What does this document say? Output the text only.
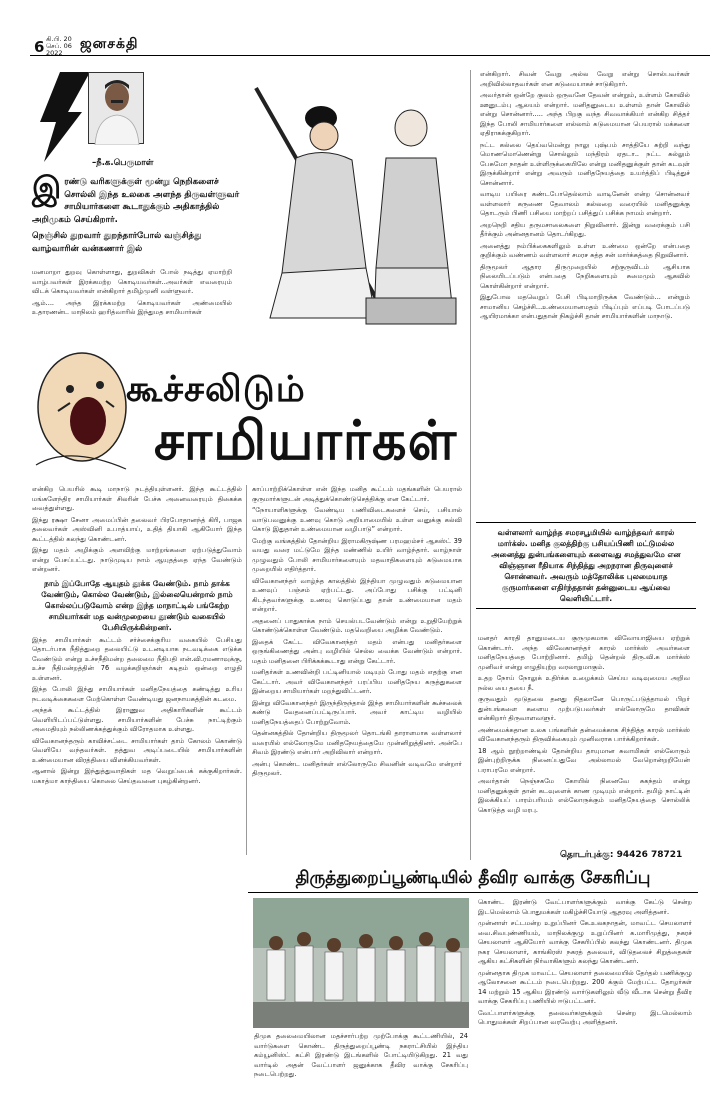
6 கி.பி. 20
செப். 06
2022
ஜனசக்தி
–நீ.க.பெருமாள்
இ ரண்டு வரிகளுக்குள் மூன்று நெறிகளைச் சொல்லி இந்த உலகை அளந்த திருவள்ளுவர் சாமியார்களை கூடாதுக்கும் அதிகாத்தில் அறிமுகம் செய்கிறார்.
நெஞ்சில் துறவார் துறந்தார்போல் வஞ்சித்து வாழ்வாரின் வன்கணார் இல்

மனமாறா துறவு கொள்ளாது, துறவிகள் போல் நடித்து ஏமாற்றி வாழ்பவர்கள் இரக்கமற்ற கொடியவர்கள்..அவர்கள் எவரையும் விடக் கொடியவர்கள் என்கிறார் தமிழ்முனி வள்ளுவர்.

ஆம்.... அந்த இரக்கமற்ற கொடியவர்கள் அண்மையில் உதாரணன்ட மாநிலம் ஹரித்வாரில் இந்துமத சாமியார்கள்

கூச்சலிடும்
சாமியார்கள்

என்கிறார். சிவன் வேறு அல்ல வேறு என்று சொல்பவர்கள் அறிவில்லாதவர்கள் என கடுமையாகச் சாடுகிறார்.

அவர்தான் ஒன்றே குலம் ஒருவனே தேவன் என்றும், உள்ளம் கோவில் ஊனுடம்பு ஆலயம் என்றார். மனிதனுடைய உள்ளம் தான் கோவில் என்று சொன்னார்..... அந்த பிறகு வந்த சிவவாக்கியர் என்கிற சித்தர் இந்த போலி சாமியார்களை எல்லாம் கடுமையான பெயரால் மக்களை ஏதிராகக்குகிறார்.

நட்ட கல்லை தெய்வமென்று நாலு புஷ்பம் சாத்தியே சுற்றி வந்து மொணமொணென்று சொல்லும் மந்திரம் ஏதடா.. நட்ட கல்லும் பேசுமோ நாதன் உள்ளிருக்கையிலே என்று மனிதனுக்குள் தான் கடவுள் இருக்கின்றார் என்று அவரும் மனிதநேயத்தை உயர்த்திப் பிடித்துச் சொன்னார்.

வாடிய பயிரை கண்டபோதெல்லாம் வாடினேன் என்ற சொன்னவர் வள்ளலார் கருணை தேவாலம் கல்லறை வரையில் மனிதனுக்கு தொடரும் பிணி பசியை மாற்றப் பசித்துப் பசிக்க நாமம் என்றார்.

அறநெறி சதிய தருமசாலைகளை நிறுவினார். இன்று வரைக்கும் பசி தீர்க்கும் அன்னதானம் தொடர்கிறது.

அனைத்து நம்பிக்கைகளிலும் உள்ள உண்மை ஒன்றே என்பதை குறிக்கும் வண்ணம் வள்ளலார் சமரச சுத்த சன் மார்க்கத்தை நிறுவினார்.

திருமூலர் ஆதார திருமுறையில் சற்குருவிடம் ஆசியாக நிலையிடப்படும் என்பதை நேறிகளையும் சுமைமும் ஆகவில் கொள்கின்றார் என்றார்.

இதுபோல மதவெறுப் பேசி பிடிமாறிருக்க வேண்டும்... என்றும் சாமானிய செழ்ச்சி...உண்மையானமதம் பிடிப்பும் எப்படி போடப்படு ஆயிரமாக்கா என்பதுதான் நிகழ்ச்சி தான் சாமியார்களின் மாநாடு.

வள்ளலார் வாழ்ந்த சமரசபூமியில் வாழ்ந்தவர் காரல் மார்க்ஸ். மனித குலத்திற்கு பசியப்பிணி மட்டுமல்ல அனைத்து துன்பங்களையும் களைவது சமத்துவமே என விஞ்ஞான ரீதியாக சிந்தித்து அறநரான திருவுளைச் சொன்னவர். அவரும் மத்தோலிக்க புலமையாத குருமார்களை எதிர்ந்ததான் தன்னுடைய ஆய்வை வெளியிட்டார்.

என்கிற பெயரில் கூடி மாநாடு நடத்தியுள்ளனர். இந்த கூட்டத்தில் மங்களேந்திர சாமியார்கள் சிலரின் பேச்சு அனைவரையும் திகைக்க வைத்துள்ளது.

இந்து ரக்ஷா சேனா அமைப்பின் தலைவர் பிரபோதானந்த் கிரி, பாஜக தலைவர்கள் அஸ்வினி உபாத்யாய், உதித் தியாகி ஆகியோர் இந்த கூட்டத்தில் கலந்து கொண்டனர்.

இந்து மதம் அழிக்கும் அளவிற்கு மாற்றங்களை ஏற்படுத்துவோம் என்று பேசப்பட்டது. நாடுமுடிய நாம் ஆயுதத்தை ஏந்த வேண்டும் என்றனர்.

நாம் இப்போதே ஆயுதம் தூக்க வேண்டும். நாம் தாக்க வேண்டும், கொல்ல வேண்டும், இல்லையென்றால் நாம் கொல்லப்படுவோம் என்ற இந்த மாநாட்டில் பங்கேற்ற சாமியார்கள் மத வன்முறையை தூண்டும் வகையில் பேசியிருக்கின்றனர்.

இந்த சாமியார்கள் கூட்டம் சர்ச்சைக்குரிய வகையில் பேசியது தொடர்பாக நீதித்துறை தலையிட்டு உடனடியாக நடவடிக்கை எடுக்க வேண்டும் என்று உச்சநீதிமன்ற தலைமை நீதிபதி என்.வி.ரமணாவுக்கு, உச்ச நீதிமன்றத்தின் 76 வழக்கறிஞர்கள் கடிதம் ஒன்றை எழுதி உள்ளனர்.

இந்த போலி இந்து சாமியார்கள் மனிதநேயத்தை கண்டித்து உரிய நடவடிக்கைகளை மேற்கொள்ள வேண்டியது ஜனநாயகத்தின் கடமை.

அந்தக் கூட்டத்தில் இராணுவ அதிகாரிகளின் கூட்டம் வெளியிடப்பட்டுள்ளது. சாமியார்களின் பேச்சு நாட்டிற்கும் அமைதியும் நல்லிணக்கத்துக்கும் விரோதமாக உள்ளது.

விவேகானந்தரும் காவிச்சட்டை சாமியார்கள் தாம் கோலம் கொண்டு வெளியே வந்தவர்கள். தத்துவ அடிப்படையில் சாமியார்களின் உண்மையான விரத்தியை விளக்கியவர்கள்.

ஆனால் இன்று இந்துத்துவாதிகள் மத வெறுப்பைக் கக்குகிறார்கள். மகாத்மா காந்தியை கொலை செய்தவனை புகழ்கின்றனர்.

காப்பாற்றிக்கொள்ள என் இந்த மனித கூட்டம் மதங்களின் பெயரால் குருமார்களுடன் அடித்துக்கொண்டுசெத்திக்கு என கேட்டார்.

“நோயாளிகளுக்கு வேண்டிய பணிவிடைகளைச் செய், பசியால் வாடுபவனுக்கு உணவு கொடு அறியாமையில் உள்ள வனுக்கு கல்வி கொடு இதுதான் உண்மையான வழிபாடு” என்றார்.

மேற்கு வங்கத்தில் தோன்றிய இராமகிருஷ்ண பரமஹம்சர் ஆகஸ்ட் 39 வயது வரை மட்டுமே இந்த மண்ணில் உயிர் வாழ்ந்தார். வாழ்நாள் முழுவதும் போலி சாமியார்களையும் மதவாதிகளையும் கடுமையாக முறையில் எதிர்த்தார்.

விவேகானந்தர் வாழ்ந்த காலத்தில் இந்தியா முழுவதும் கடுமையான உணவுப் பஞ்சம் ஏற்பட்டது. அப்போது பசிக்கு பட்டினி கிடந்தவர்களுக்கு உணவு கொடுப்பது தான் உண்மையான மதம் என்றார்.

அதனைப் பாதுகாக்க நாம் செயல்படவேண்டும் என்று உறுதியேற்றுக் கொண்டுக்கொள்ள வேண்டும். மதவெறியை அழிக்க வேண்டும்.

இதைக் கேட்ட விவேகானந்தர் மதம் என்பது மனிதர்களை ஒருங்கிணைத்து அன்பு வழியில் செல்ல வைக்க வேண்டும் என்றார். மதம் மனிதனை பிரிக்கக்கூடாது என்று கேட்டார்.

மனிதர்கள் உணவின்றி பட்டினியால் மடியும் போது மதம் எதற்கு என கேட்டார். அவர் விவேகானந்தர் பரப்பிய மனிதநேய கருத்துகளை இன்றைய சாமியார்கள் மறந்துவிட்டனர்.

இன்று விவேகானந்தர் இருந்திருந்தால் இந்த சாமியார்களின் கூச்சலைக் கண்டு வேதனைப்பட்டிருப்பார். அவர் காட்டிய வழியில் மனிதநேயத்தைப் போற்றுவோம்.

தென்னகத்தில் தோன்றிய திருமூலர் தொடங்கி தாராளமாக வள்ளலார் வரையில் எல்லோருமே மனிதநேயத்தையே முன்னிறுத்தினர். அன்பே சிவம் இரண்டு என்பார் அறிவிலார் என்றார்.

அன்பு கொண்ட மனிதர்கள் எல்லோருமே சிவனின் வடிவமே என்றார் திருமூலர்.

மனதர் காரதி தானுமடைய குருமுகமாக விவோயாஜியை ஏற்றுக் கொண்டார். அந்த விவேகானந்தர் காரல் மார்க்ஸ் அவர்களை மனிதநேயத்தை போற்றினார். தமிழ் தென்றல் திரு.வி.க மார்க்ஸ் முனிவர் என்று எழுதியுற்ற வரலாறுமாகும்.

உதற நோய் நோலுக் உதிர்க்க உழைக்கம் செய்ய வடிவுமைய அறிவ நல்ல யை தயை நீ.

குருவதும் மூடுதலை தனது நிதலானே பொருட்படுத்தாமல் பிறர் துன்பங்களை களைய முற்படுபவர்கள் எல்லோருமே தாவிகள் என்கிறார் திருவாளவளுர்.

அண்மைக்கதான உலக பங்களின் தன்மைக்காக சிந்தித்த காரல் மார்க்ஸ் விவேகானந்தரும் திருவிக்கையும் முனிவராக பார்க்கிறார்கள்.

18 ஆம் நூற்றாண்டில் தோன்றிய தாயுமான சுவாமிகள் எல்லோரும் இன்புற்றிருக்க நினைப்பதுவே அல்லாமல் வேறொன்றறியேன் பராபரமே என்றார்.

அவர்தான் நெஞ்சகமே கோயில் நினைவே சுகந்தம் என்று மனிதனுக்குள் தான் கடவுளைக் காண முடியும் என்றார். தமிழ் நாட்டின் இலக்கியப் பாரம்பரியம் எல்லோருக்கும் மனிதநேயத்தை சொல்லிக் கொடுத்த வழி மரபு.

தொடர்புக்கு: 94426 78721
திருத்துறைப்பூண்டியில் தீவிர வாக்கு சேகரிப்பு
திமுக தலைமையிலான மதச்சார்பற்ற முற்போக்கு கூட்டணியில், 24 வார்டுகளை கொண்ட திருத்துறைப்பூண்டி நகராட்சியில் இந்திய கம்யூனிஸ்ட் கட்சி இரண்டு இடங்களில் போட்டியிடுகிறது. 21 வது வார்டில் அதன் வேட்பாளர் ஜனுக்காக தீவிர வாக்கு சேகரிப்பு நடைபெற்றது.

கொண்ட இரண்டு வேட்பாளர்களுக்கும் வாக்கு கேட்டு சென்ற இடமெல்லாம் பொதுமக்கள் மகிழ்ச்சியோடு ஆதரவு அளித்தனர்.

முன்னாள் சட்டமன்ற உறுப்பினர் கே.உலகநாதன், மாவட்ட செயலாளர் வை.சிவபுண்ணியம், மாநிலக்குழு உறுப்பினர் க.மாரிமுத்து, நகரச் செயலாளர் ஆகியோர் வாக்கு சேகரிப்பில் கலந்து கொண்டனர். திமுக நகர செயலாளர், காங்கிரஸ் நகரத் தலைவர், விடுதலைச் சிறுத்தைகள் ஆகிய கட்சிகளின் நிர்வாகிகளும் கலந்து கொண்டனர்.

முன்னதாக திமுக மாவட்ட செயலாளர் தலைமையில் தேர்தல் பணிக்குழு ஆலோசனை கூட்டம் நடைபெற்றது. 200 க்கும் மேற்பட்ட தோழர்கள் 14 மற்றும் 15 ஆகிய இரண்டு வார்டுகளிலும் வீடு வீடாக சென்று தீவிர வாக்கு சேகரிப்பு பணியில் ஈடுபட்டனர்.

வேட்பாளர்களுக்கு தலைவர்களுக்கும் சென்ற இடமெல்லாம் பொதுமக்கள் சிறப்பான வரவேற்பு அளித்தனர்.
